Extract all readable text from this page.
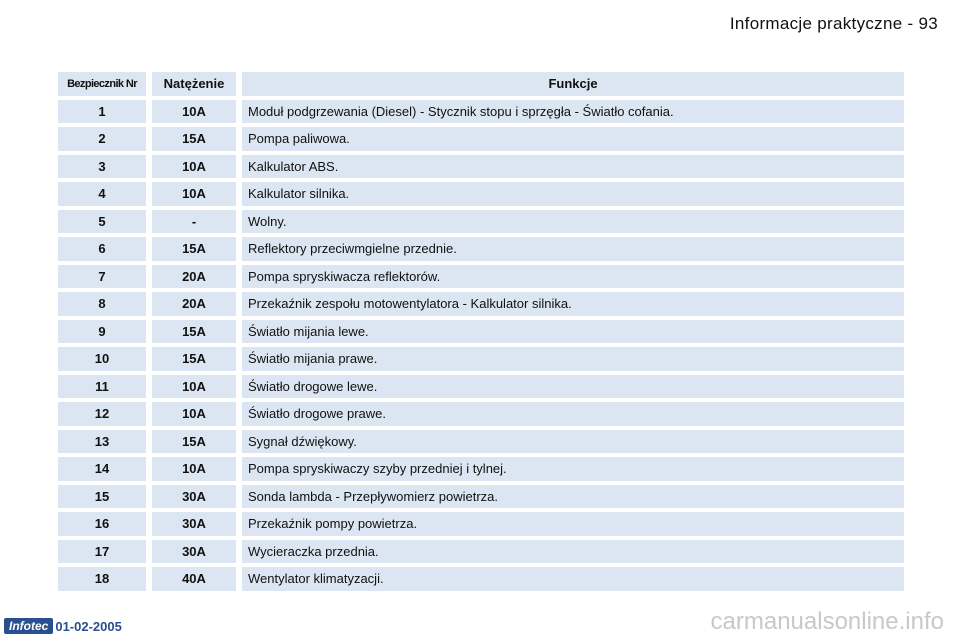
Informacje praktyczne - 93
Bezpiecznik Nr		Natężenie		Funkcje
1		10A		Moduł podgrzewania (Diesel) - Stycznik stopu i sprzęgła - Światło cofania.
2		15A		Pompa paliwowa.
3		10A		Kalkulator ABS.
4		10A		Kalkulator silnika.
5		-		Wolny.
6		15A		Reflektory przeciwmgielne przednie.
7		20A		Pompa spryskiwacza reflektorów.
8		20A		Przekaźnik zespołu motowentylatora - Kalkulator silnika.
9		15A		Światło mijania lewe.
10		15A		Światło mijania prawe.
11		10A		Światło drogowe lewe.
12		10A		Światło drogowe prawe.
13		15A		Sygnał dźwiękowy.
14		10A		Pompa spryskiwaczy szyby przedniej i tylnej.
15		30A		Sonda lambda - Przepływomierz powietrza.
16		30A		Przekaźnik pompy powietrza.
17		30A		Wycieraczka przednia.
18		40A		Wentylator klimatyzacji.
Infotec 01-02-2005	carmanualsonline.info
